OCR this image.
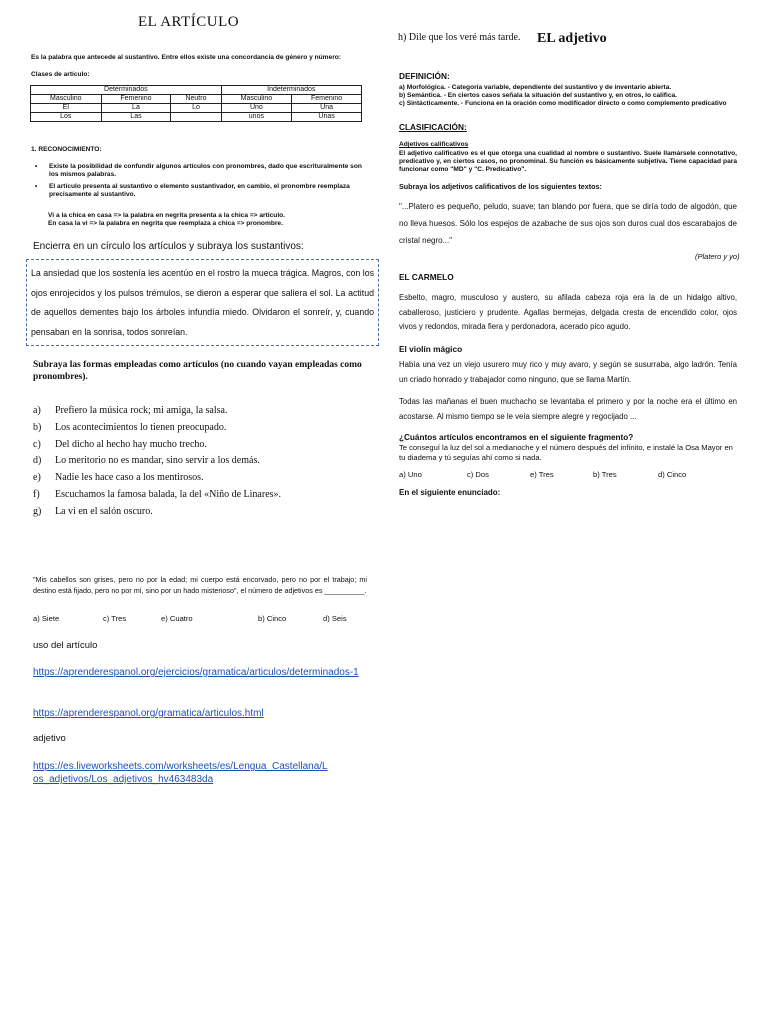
EL ARTÍCULO
Es la palabra que antecede al sustantivo. Entre ellos existe una concordancia de género y número:
Clases de artículo:
Determinados			Indeterminados	
Masculino	Femenino	Neutro	Masculino	Femenino
El	La	Lo	Uno	Una
Los	Las		unos	Unas
1. RECONOCIMIENTO:
• Existe la posibilidad de confundir algunos artículos con pronombres, dado que escrituralmente son los mismos palabras.
• El artículo presenta al sustantivo o elemento sustantivador, en cambio, el pronombre reemplaza precisamente al sustantivo.
Vi a la chica en casa => la palabra en negrita presenta a la chica => artículo.
En casa la vi => la palabra en negrita que reemplaza a chica => pronombre.
Encierra en un círculo los artículos y subraya los sustantivos:
La ansiedad que los sostenía les acentúo en el rostro la mueca trágica. Magros, con los ojos enrojecidos y los pulsos trémulos, se dieron a esperar que saliera el sol. La actitud de aquellos dementes bajo los árboles infundía miedo. Olvidaron el sonreír, y, cuando pensaban en la sonrisa, todos sonreían.
Subraya las formas empleadas como artículos (no cuando vayan empleadas como pronombres).
a) Prefiero la música rock; mi amiga, la salsa.
b) Los acontecimientos lo tienen preocupado.
c) Del dicho al hecho hay mucho trecho.
d) Lo meritorio no es mandar, sino servir a los demás.
e) Nadie les hace caso a los mentirosos.
f) Escuchamos la famosa balada, la del «Niño de Linares».
g) La vi en el salón oscuro.
"Mis cabellos son grises, pero no por la edad; mi cuerpo está encorvado, pero no por el trabajo; mi destino está fijado, pero no por mí, sino por un hado misterioso", el número de adjetivos es __________.
a) Siete	c) Tres	e) Cuatro	b) Cinco	d) Seis
uso del artículo
https://aprenderespanol.org/ejercicios/gramatica/articulos/determinados-1
https://aprenderespanol.org/gramatica/articulos.html
adjetivo
https://es.liveworksheets.com/worksheets/es/Lengua_Castellana/Los_adjetivos/Los_adjetivos_hv463483da
h) Dile que los veré más tarde. EL adjetivo
DEFINICIÓN:
a) Morfológica. - Categoría variable, dependiente del sustantivo y de inventario abierta.
b) Semántica. - En ciertos casos señala la situación del sustantivo y, en otros, lo califica.
c) Sintácticamente. - Funciona en la oración como modificador directo o como complemento predicativo
CLASIFICACIÓN:
Adjetivos calificativos
El adjetivo calificativo es el que otorga una cualidad al nombre o sustantivo. Suele llamársele connotativo, predicativo y, en ciertos casos, no pronominal. Su función es básicamente subjetiva. Tiene capacidad para funcionar como "MD" y "C. Predicativo".
Subraya los adjetivos calificativos de los siguientes textos:
"...Platero es pequeño, peludo, suave; tan blando por fuera, que se diría todo de algodón, que no lleva huesos. Sólo los espejos de azabache de sus ojos son duros cual dos escarabajos de cristal negro..."
(Platero y yo)
EL CARMELO
Esbelto, magro, musculoso y austero, su afilada cabeza roja era la de un hidalgo altivo, caballeroso, justiciero y prudente. Agallas bermejas, delgada cresta de encendido color, ojos vivos y redondos, mirada fiera y perdonadora, acerado pico agudo.
El violín mágico
Había una vez un viejo usurero muy rico y muy avaro, y según se susurraba, algo ladrón. Tenía un criado honrado y trabajador como ninguno, que se llama Martín.
Todas las mañanas el buen muchacho se levantaba el primero y por la noche era el último en acostarse. Al mismo tiempo se le veía siempre alegre y regocijado ...
¿Cuántos artículos encontramos en el siguiente fragmento?
Te conseguí la luz del sol a medianoche y el número después del infinito, e instalé la Osa Mayor en tu diadema y tú seguías ahí como si nada.
a) Uno	c) Dos	e) Tres	b) Tres	d) Cinco
En el siguiente enunciado:
